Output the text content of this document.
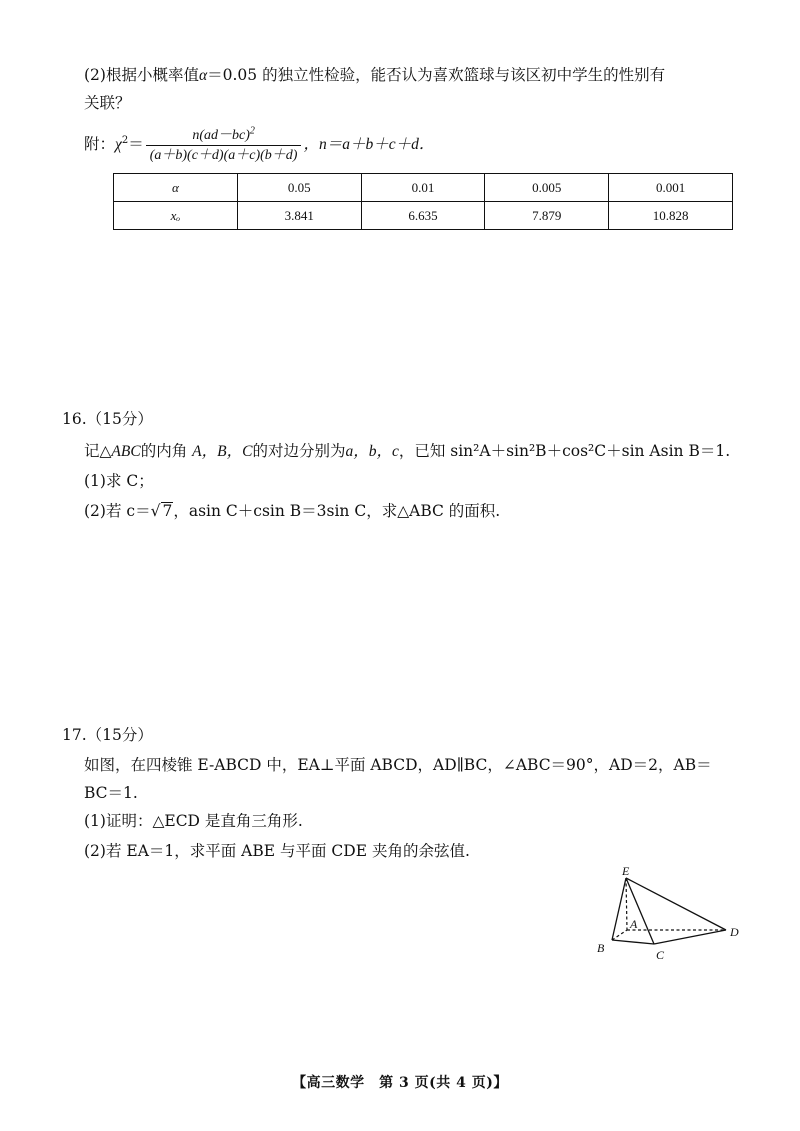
(2)根据小概率值α＝0.05 的独立性检验，能否认为喜欢篮球与该区初中学生的性别有
关联？
附：$\chi^2= \frac{n(ad-bc)^2}{(a+b)(c+d)(a+c)(b+d)}$ ，n＝a＋b＋c＋d．
α	0.05	0.01	0.005	0.001
xₒ	3.841	6.635	7.879	10.828
16.（15分）
记△ABC的内角 A，B，C的对边分别为a，b，c，已知 sin²A＋sin²B＋cos²C＋sin Asin B＝1.
(1)求 C；
(2)若 c＝√ 7，asin C＋csin B＝3sin C，求△ABC 的面积.
17.（15分）
如图，在四棱锥 E-ABCD 中，EA⊥平面 ABCD，AD∥BC，∠ABC＝90°，AD＝2，AB＝
BC＝1.
(1)证明：△ECD 是直角三角形.
(2)若 EA＝1，求平面 ABE 与平面 CDE 夹角的余弦值.
E
A
B	C
D
【高三数学　第 3 页(共 4 页)】
